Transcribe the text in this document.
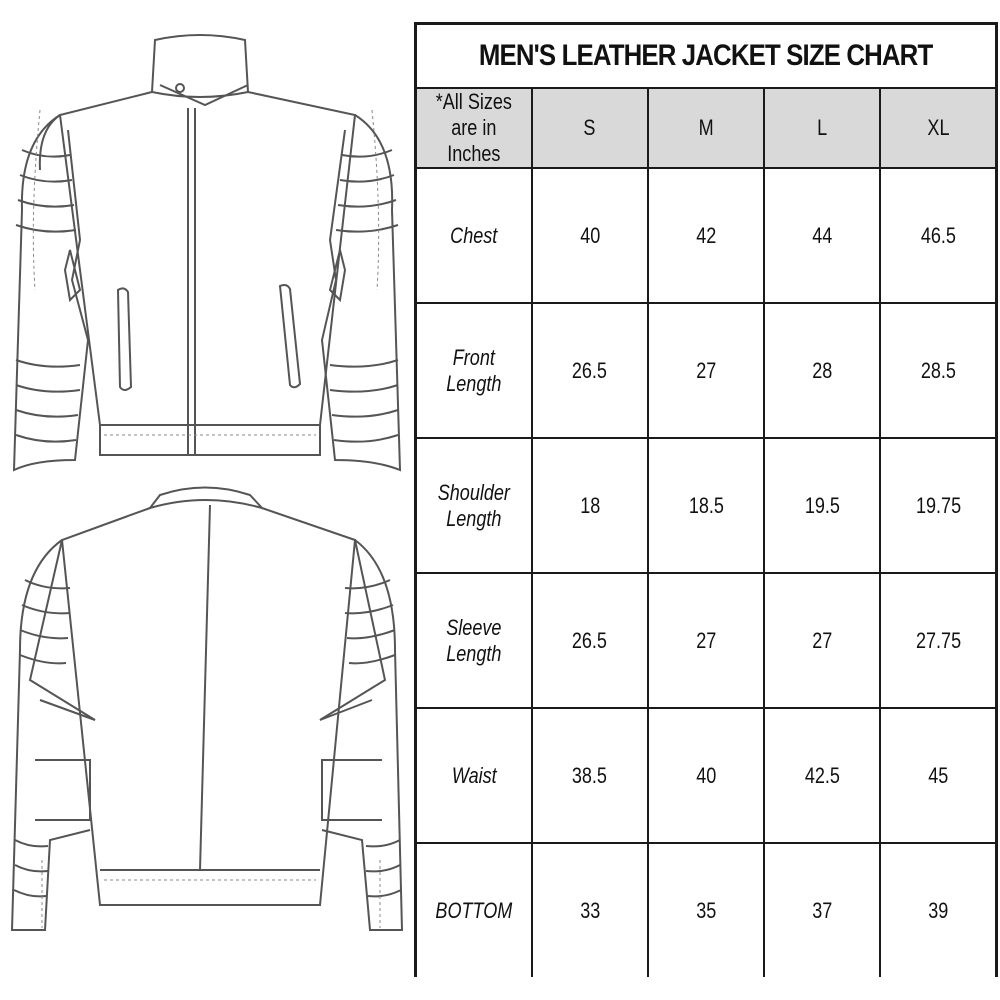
MEN'S LEATHER JACKET SIZE CHART				
*All Sizes are in Inches	S	M	L	XL
Chest	40	42	44	46.5
Front Length	26.5	27	28	28.5
Shoulder Length	18	18.5	19.5	19.75
Sleeve Length	26.5	27	27	27.75
Waist	38.5	40	42.5	45
BOTTOM	33	35	37	39
